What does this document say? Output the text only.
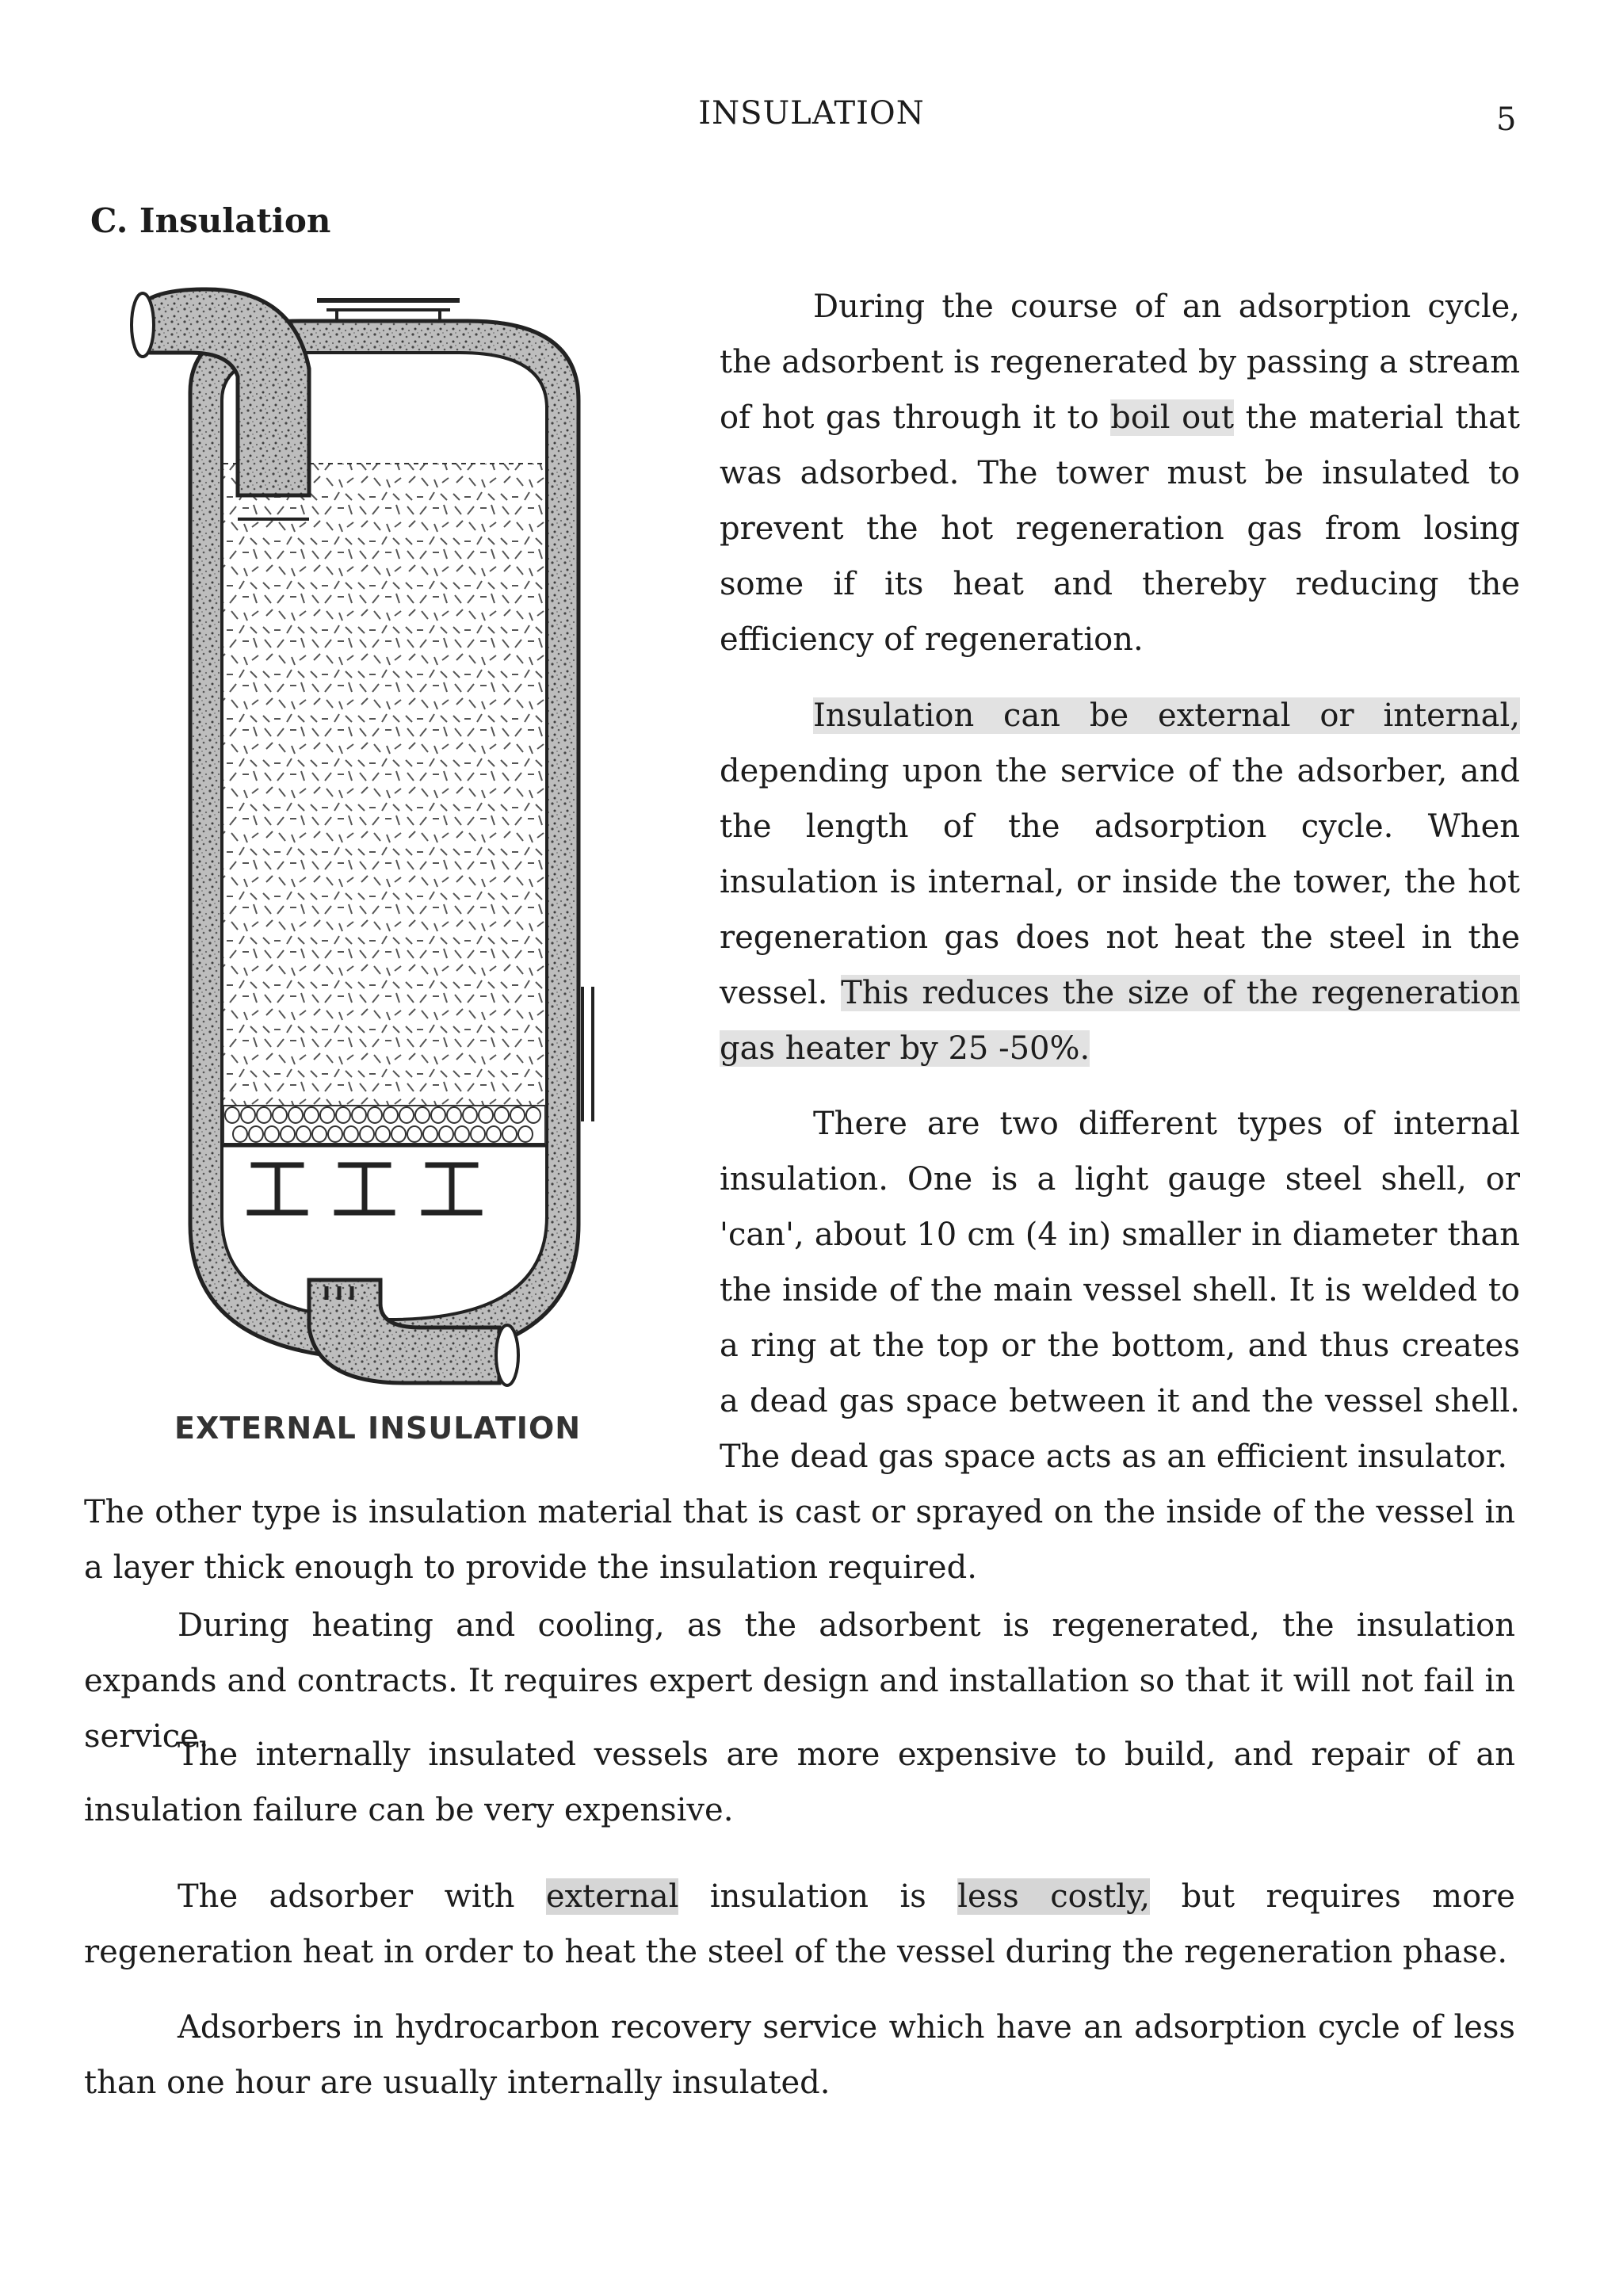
INSULATION	5
C. Insulation
EXTERNAL INSULATION

During the course of an adsorption cycle, the adsorbent is regenerated by passing a stream of hot gas through it to boil out the material that was adsorbed. The tower must be insulated to prevent the hot regeneration gas from losing some if its heat and thereby reducing the efficiency of regeneration.

Insulation can be external or internal, depending upon the service of the adsorber, and the length of the adsorption cycle. When insulation is internal, or inside the tower, the hot regeneration gas does not heat the steel in the vessel. This reduces the size of the regeneration gas heater by 25 -50%.

There are two different types of internal insulation. One is a light gauge steel shell, or 'can', about 10 cm (4 in) smaller in diameter than the inside of the main vessel shell. It is welded to a ring at the top or the bottom, and thus creates a dead gas space between it and the vessel shell. The dead gas space acts as an efficient insulator.

The other type is insulation material that is cast or sprayed on the inside of the vessel in a layer thick enough to provide the insulation required.

During heating and cooling, as the adsorbent is regenerated, the insulation expands and contracts. It requires expert design and installation so that it will not fail in service.

The internally insulated vessels are more expensive to build, and repair of an insulation failure can be very expensive.

The adsorber with external insulation is less costly, but requires more regeneration heat in order to heat the steel of the vessel during the regeneration phase.

Adsorbers in hydrocarbon recovery service which have an adsorption cycle of less than one hour are usually internally insulated.
